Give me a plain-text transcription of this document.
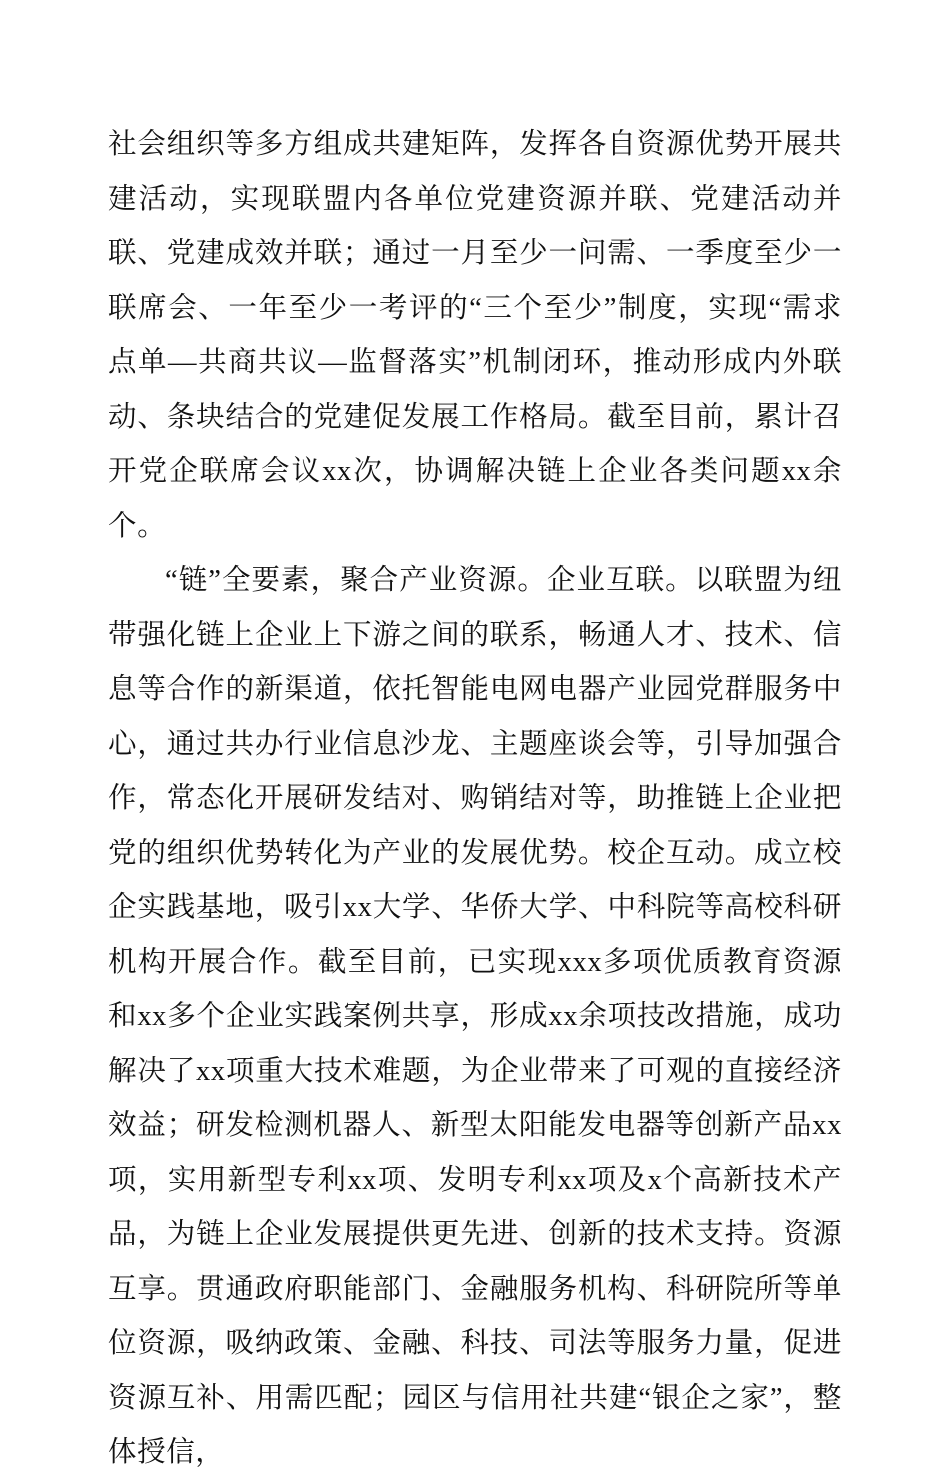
社会组织等多方组成共建矩阵，发挥各自资源优势开展共建活动，实现联盟内各单位党建资源并联、党建活动并联、党建成效并联；通过一月至少一问需、一季度至少一联席会、一年至少一考评的“三个至少”制度，实现“需求点单—共商共议—监督落实”机制闭环，推动形成内外联动、条块结合的党建促发展工作格局。截至目前，累计召开党企联席会议xx次，协调解决链上企业各类问题xx余个。

“链”全要素，聚合产业资源。企业互联。以联盟为纽带强化链上企业上下游之间的联系，畅通人才、技术、信息等合作的新渠道，依托智能电网电器产业园党群服务中心，通过共办行业信息沙龙、主题座谈会等，引导加强合作，常态化开展研发结对、购销结对等，助推链上企业把党的组织优势转化为产业的发展优势。校企互动。成立校企实践基地，吸引xx大学、华侨大学、中科院等高校科研机构开展合作。截至目前，已实现xxx多项优质教育资源和xx多个企业实践案例共享，形成xx余项技改措施，成功解决了xx项重大技术难题，为企业带来了可观的直接经济效益；研发检测机器人、新型太阳能发电器等创新产品xx项，实用新型专利xx项、发明专利xx项及x个高新技术产品，为链上企业发展提供更先进、创新的技术支持。资源互享。贯通政府职能部门、金融服务机构、科研院所等单位资源，吸纳政策、金融、科技、司法等服务力量，促进资源互补、用需匹配；园区与信用社共建“银企之家”，整体授信，
